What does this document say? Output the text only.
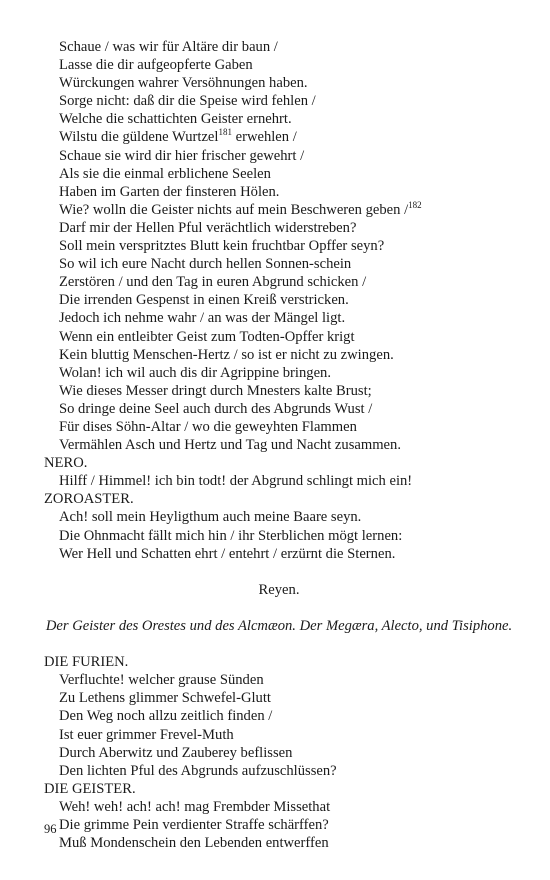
Schaue / was wir für Altäre dir baun /
Lasse die dir aufgeopferte Gaben
Würckungen wahrer Versöhnungen haben.
Sorge nicht: daß dir die Speise wird fehlen /
Welche die schattichten Geister ernehrt.
Wilstu die güldene Wurtzel$^{181}$ erwehlen /
Schaue sie wird dir hier frischer gewehrt /
Als sie die einmal erblichene Seelen
Haben im Garten der finsteren Hölen.
Wie? wolln die Geister nichts auf mein Beschweren geben /$^{182}$
Darf mir der Hellen Pful verächtlich widerstreben?
Soll mein verspritztes Blutt kein fruchtbar Opffer seyn?
So wil ich eure Nacht durch hellen Sonnen-schein
Zerstören / und den Tag in euren Abgrund schicken /
Die irrenden Gespenst in einen Kreiß verstricken.
Jedoch ich nehme wahr / an was der Mängel ligt.
Wenn ein entleibter Geist zum Todten-Opffer krigt
Kein bluttig Menschen-Hertz / so ist er nicht zu zwingen.
Wolan! ich wil auch dis dir Agrippine bringen.
Wie dieses Messer dringt durch Mnesters kalte Brust;
So dringe deine Seel auch durch des Abgrunds Wust /
Für dises Söhn-Altar / wo die geweyhten Flammen
Vermählen Asch und Hertz und Tag und Nacht zusammen.
NERO.
Hilff / Himmel! ich bin todt! der Abgrund schlingt mich ein!
ZOROASTER.
Ach! soll mein Heyligthum auch meine Baare seyn.
Die Ohnmacht fällt mich hin / ihr Sterblichen mögt lernen:
Wer Hell und Schatten ehrt / entehrt / erzürnt die Sternen.
Reyen.
Der Geister des Orestes und des Alcmæon. Der Megæra, Alecto, und Tisiphone.
DIE FURIEN.
Verfluchte! welcher grause Sünden
Zu Lethens glimmer Schwefel-Glutt
Den Weg noch allzu zeitlich finden /
Ist euer grimmer Frevel-Muth
Durch Aberwitz und Zauberey beflissen
Den lichten Pful des Abgrunds aufzuschlüssen?
DIE GEISTER.
Weh! weh! ach! ach! mag Frembder Missethat
Die grimme Pein verdienter Straffe schärffen?
Muß Mondenschein den Lebenden entwerffen
96
